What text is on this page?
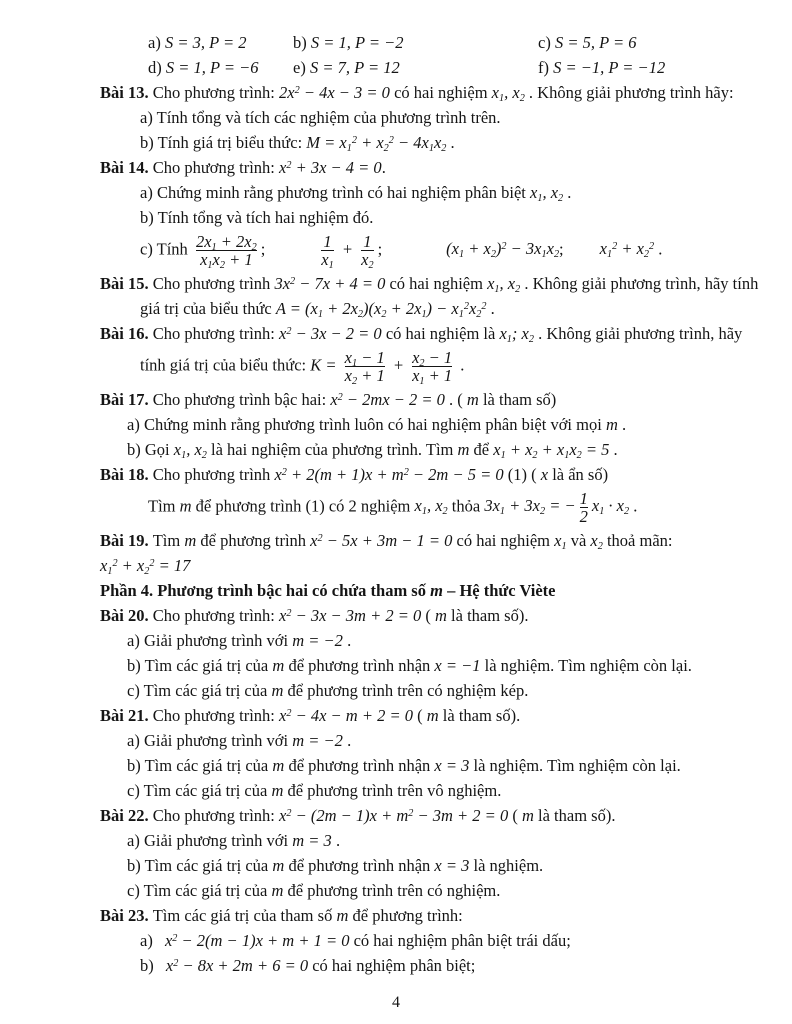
a) S = 3, P = 2	b) S = 1, P = −2	c) S = 5, P = 6
d) S = 1, P = −6 e) S = 7, P = 12	f) S = −1, P = −12
Bài 13. Cho phương trình: $2x^2 - 4x - 3 = 0$ có hai nghiệm $x_1$, $x_2$ . Không giải phương trình hãy:
a) Tính tổng và tích các nghiệm của phương trình trên.
b) Tính giá trị biểu thức: $M = x_1^2 + x_2^2 - 4x_1x_2$ .
Bài 14. Cho phương trình: $x^2 + 3x - 4 = 0$.
a) Chứng minh rằng phương trình có hai nghiệm phân biệt $x_1$, $x_2$ .
b) Tính tổng và tích hai nghiệm đó.
c) Tính $\frac{2x_1 + 2x_2}{x_1x_2 + 1}$ ;	$\frac{1}{x_1} + \frac{1}{x_2}$ ;	$(x_1 + x_2)^2 - 3x_1x_2$; $x_1^2 + x_2^2$ .
Bài 15. Cho phương trình $3x^2 - 7x + 4 = 0$ có hai nghiệm $x_1$, $x_2$ . Không giải phương trình, hãy tính
giá trị của biểu thức $A = (x_1 + 2x_2)(x_2 + 2x_1) - x_1^2x_2^2$ .
Bài 16. Cho phương trình: $x^2 - 3x - 2 = 0$ có hai nghiệm là $x_1$; $x_2$ . Không giải phương trình, hãy
tính giá trị của biểu thức: $K = \frac{x_1 - 1}{x_2 + 1} + \frac{x_2 - 1}{x_1 + 1}$ .
Bài 17. Cho phương trình bậc hai: $x^2 - 2mx - 2 = 0$ . ( m là tham số)
a) Chứng minh rằng phương trình luôn có hai nghiệm phân biệt với mọi m .
b) Gọi $x_1$, $x_2$ là hai nghiệm của phương trình. Tìm m để $x_1 + x_2 + x_1x_2 = 5$ .
Bài 18. Cho phương trình $x^2 + 2(m + 1)x + m^2 - 2m - 5 = 0$ (1) ( x là ẩn số)
Tìm m để phương trình (1) có 2 nghiệm $x_1$, $x_2$ thỏa $3x_1 + 3x_2$ = − $\frac{1}{2} x_1 \cdot x_2$ .
Bài 19. Tìm m để phương trình $x^2 - 5x + 3m - 1 = 0$ có hai nghiệm $x_1$ và $x_2$ thoả mãn:
$x_1^2 + x_2^2 = 17$
Phần 4. Phương trình bậc hai có chứa tham số m – Hệ thức Viète
Bài 20. Cho phương trình: $x^2 - 3x - 3m + 2 = 0$ ( m là tham số).
a) Giải phương trình với m = −2 .
b) Tìm các giá trị của m để phương trình nhận x = −1 là nghiệm. Tìm nghiệm còn lại.
c) Tìm các giá trị của m để phương trình trên có nghiệm kép.
Bài 21. Cho phương trình: $x^2 - 4x - m + 2 = 0$ ( m là tham số).
a) Giải phương trình với m = −2 .
b) Tìm các giá trị của m để phương trình nhận x = 3 là nghiệm. Tìm nghiệm còn lại.
c) Tìm các giá trị của m để phương trình trên vô nghiệm.
Bài 22. Cho phương trình: $x^2 - (2m - 1)x + m^2 - 3m + 2 = 0$ ( m là tham số).
a) Giải phương trình với m = 3 .
b) Tìm các giá trị của m để phương trình nhận x = 3 là nghiệm.
c) Tìm các giá trị của m để phương trình trên có nghiệm.
Bài 23. Tìm các giá trị của tham số m để phương trình:
a) $x^2 - 2(m - 1)x + m + 1 = 0$ có hai nghiệm phân biệt trái dấu;
b) $x^2 - 8x + 2m + 6 = 0$ có hai nghiệm phân biệt;
4
